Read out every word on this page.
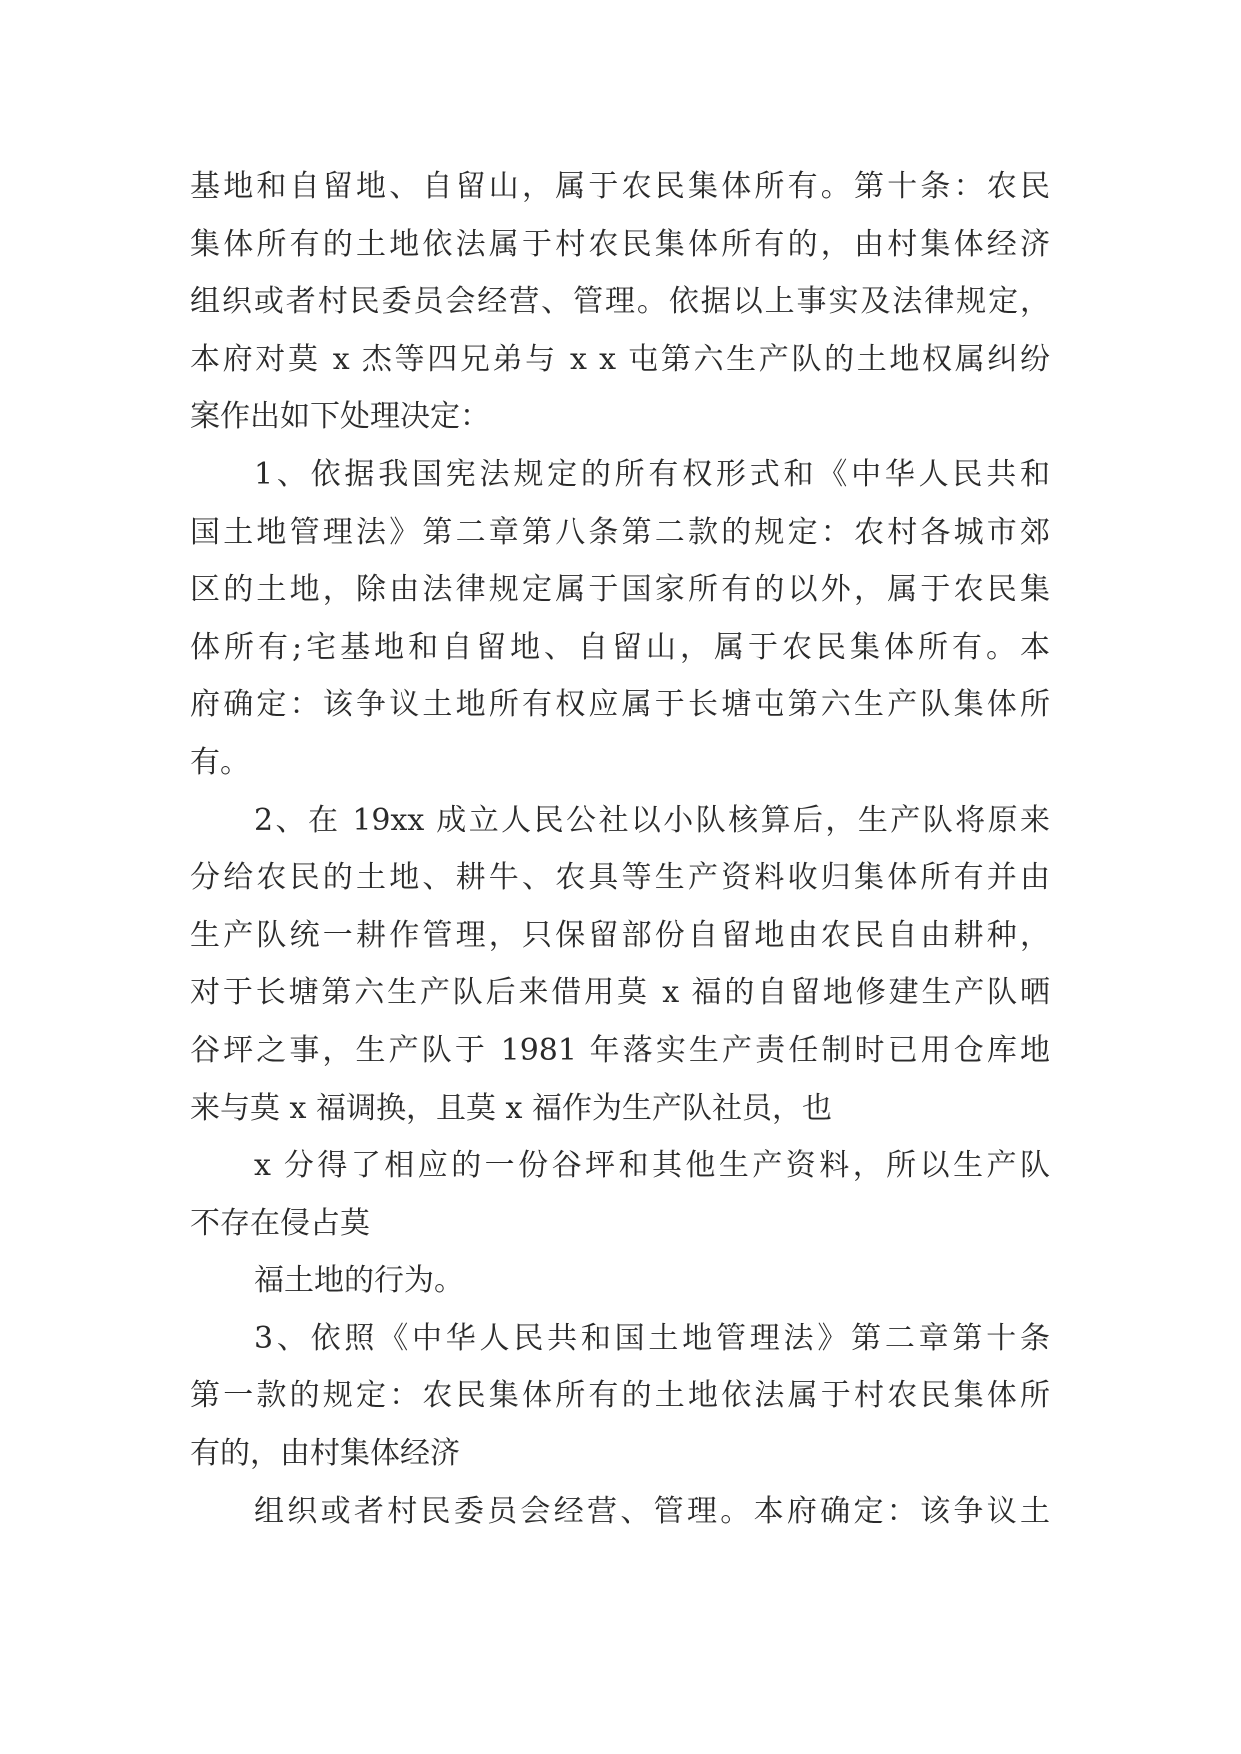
基地和自留地、自留山，属于农民集体所有。第十条：农民
集体所有的土地依法属于村农民集体所有的，由村集体经济
组织或者村民委员会经营、管理。依据以上事实及法律规定，
本府对莫 x 杰等四兄弟与 x x 屯第六生产队的土地权属纠纷
案作出如下处理决定：
1、依据我国宪法规定的所有权形式和《中华人民共和
国土地管理法》第二章第八条第二款的规定：农村各城市郊
区的土地，除由法律规定属于国家所有的以外，属于农民集
体所有;宅基地和自留地、自留山，属于农民集体所有。本
府确定：该争议土地所有权应属于长塘屯第六生产队集体所
有。
2、在 19xx 成立人民公社以小队核算后，生产队将原来
分给农民的土地、耕牛、农具等生产资料收归集体所有并由
生产队统一耕作管理，只保留部份自留地由农民自由耕种，
对于长塘第六生产队后来借用莫 x 福的自留地修建生产队晒
谷坪之事，生产队于 1981 年落实生产责任制时已用仓库地
来与莫 x 福调换，且莫 x 福作为生产队社员，也
x 分得了相应的一份谷坪和其他生产资料，所以生产队
不存在侵占莫
福土地的行为。
3、依照《中华人民共和国土地管理法》第二章第十条
第一款的规定：农民集体所有的土地依法属于村农民集体所
有的，由村集体经济
组织或者村民委员会经营、管理。本府确定：该争议土
